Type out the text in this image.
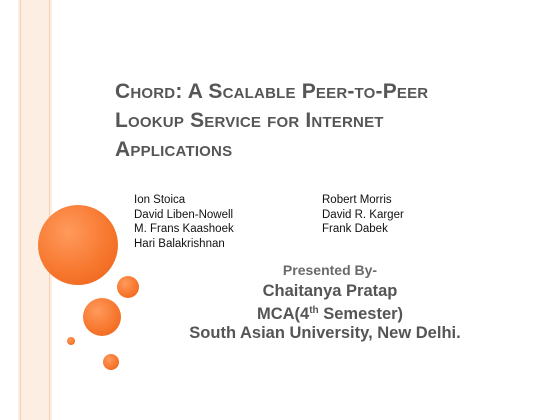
Chord: A Scalable Peer-to-Peer
Lookup Service for Internet
Applications
Ion Stoica
David Liben-Nowell
M. Frans Kaashoek
Hari Balakrishnan
Robert Morris
David R. Karger
Frank Dabek
Presented By-
Chaitanya Pratap
MCA(4th Semester)
South Asian University, New Delhi.
